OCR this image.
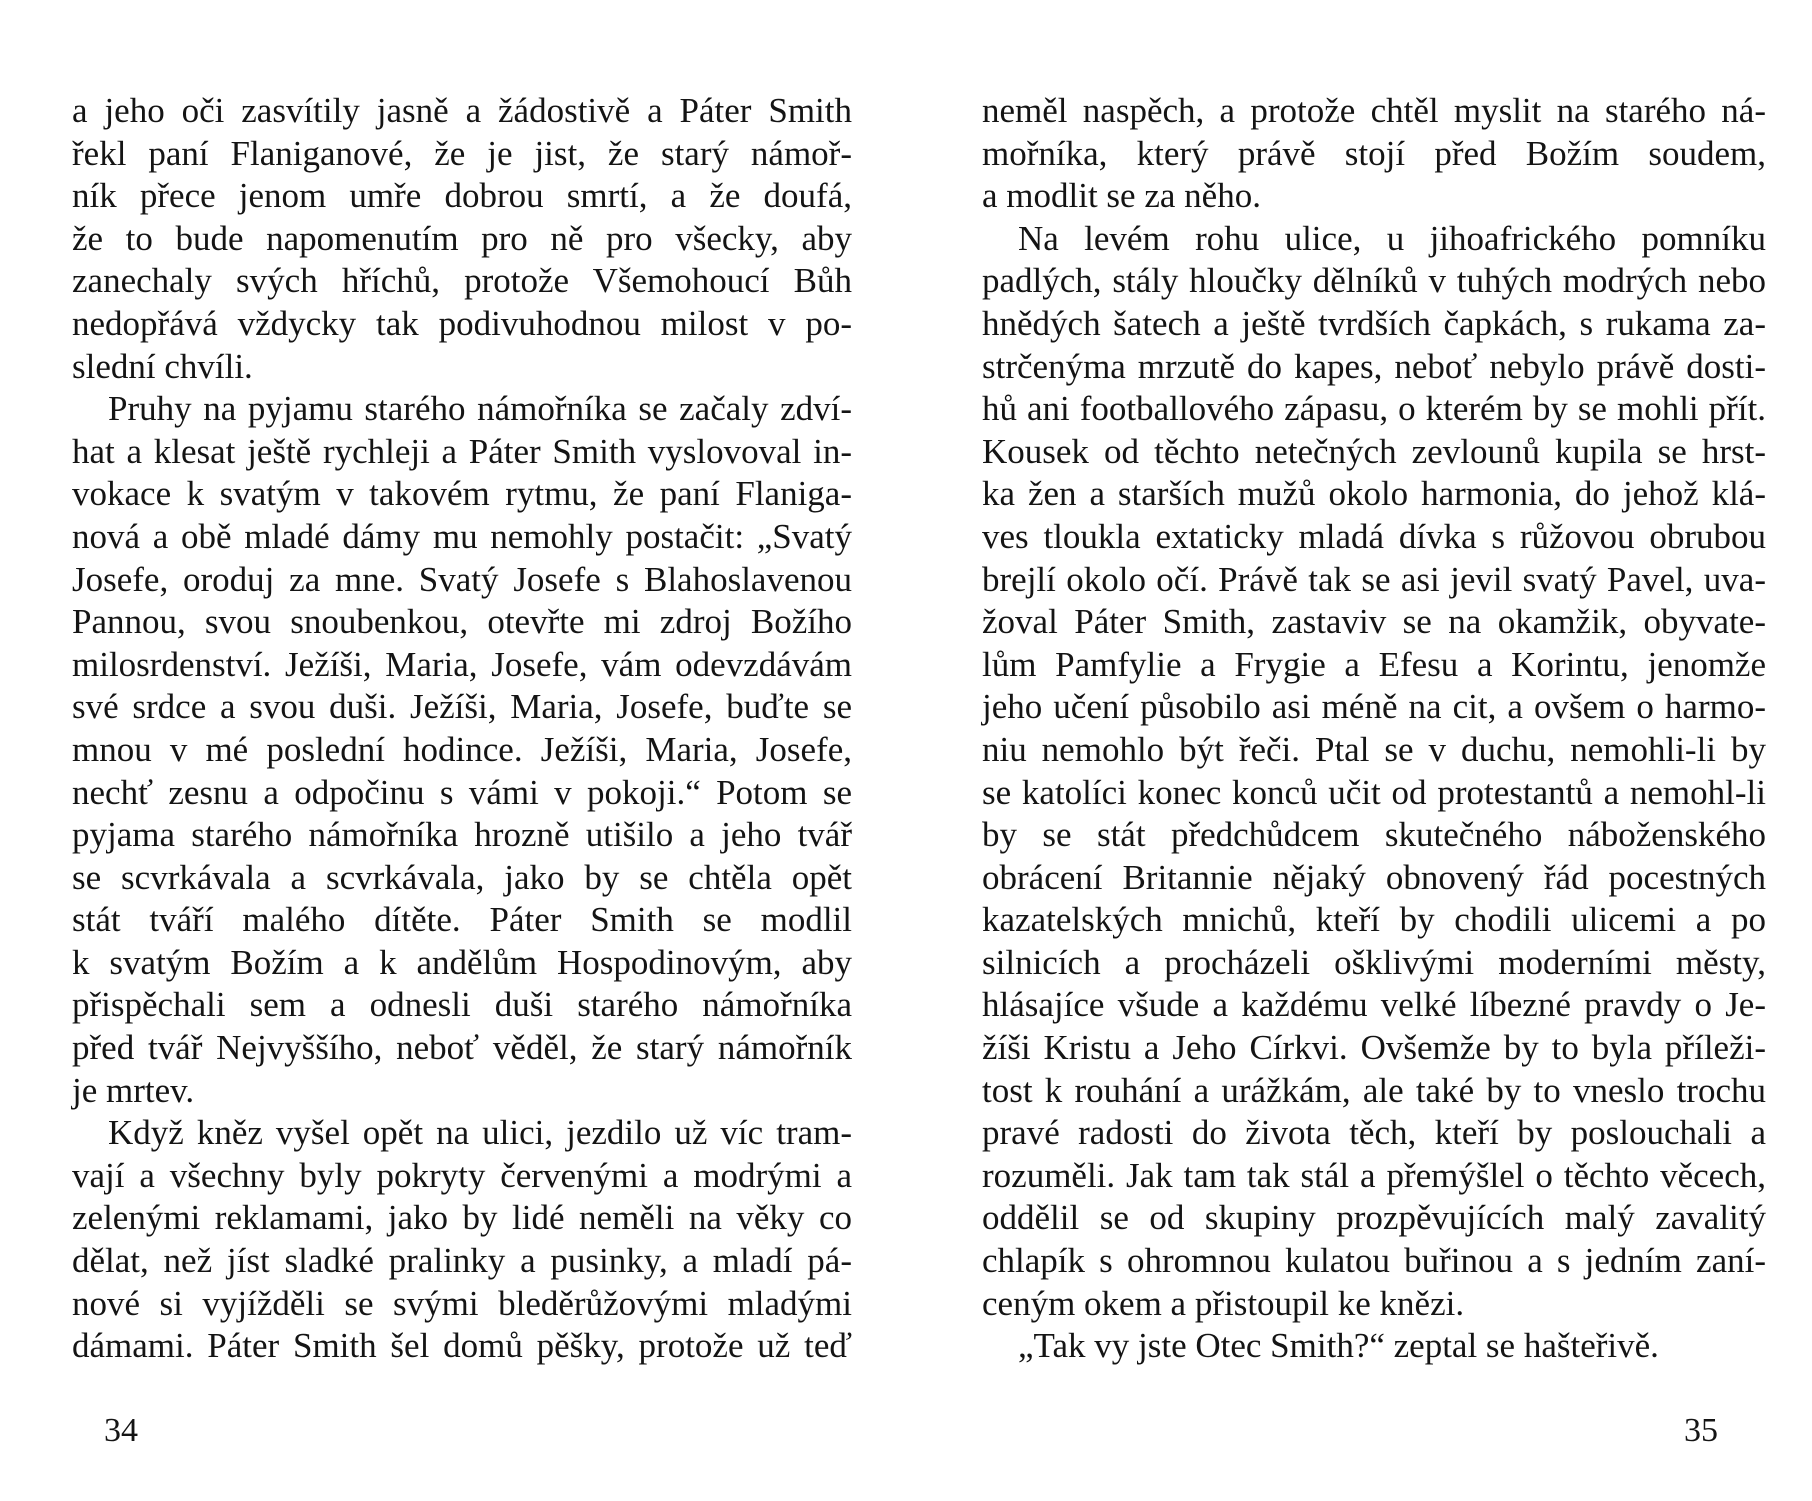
a jeho oči zasvítily jasně a žádostivě a Páter Smith
řekl paní Flaniganové, že je jist, že starý námoř-
ník přece jenom umře dobrou smrtí, a že doufá,
že to bude napomenutím pro ně pro všecky, aby
zanechaly svých hříchů, protože Všemohoucí Bůh
nedopřává vždycky tak podivuhodnou milost v po-
slední chvíli.
Pruhy na pyjamu starého námořníka se začaly zdví-
hat a klesat ještě rychleji a Páter Smith vyslovoval in-
vokace k svatým v takovém rytmu, že paní Flaniga-
nová a obě mladé dámy mu nemohly postačit: „Svatý
Josefe, oroduj za mne. Svatý Josefe s Blahoslavenou
Pannou, svou snoubenkou, otevřte mi zdroj Božího
milosrdenství. Ježíši, Maria, Josefe, vám odevzdávám
své srdce a svou duši. Ježíši, Maria, Josefe, buďte se
mnou v mé poslední hodince. Ježíši, Maria, Josefe,
nechť zesnu a odpočinu s vámi v pokoji.“ Potom se
pyjama starého námořníka hrozně utišilo a jeho tvář
se scvrkávala a scvrkávala, jako by se chtěla opět
stát tváří malého dítěte. Páter Smith se modlil
k svatým Božím a k andělům Hospodinovým, aby
přispěchali sem a odnesli duši starého námořníka
před tvář Nejvyššího, neboť věděl, že starý námořník
je mrtev.
Když kněz vyšel opět na ulici, jezdilo už víc tram-
vají a všechny byly pokryty červenými a modrými a
zelenými reklamami, jako by lidé neměli na věky co
dělat, než jíst sladké pralinky a pusinky, a mladí pá-
nové si vyjížděli se svými bleděrůžovými mladými
dámami. Páter Smith šel domů pěšky, protože už teď
34
neměl naspěch, a protože chtěl myslit na starého ná-
mořníka, který právě stojí před Božím soudem,
a modlit se za něho.
Na levém rohu ulice, u jihoafrického pomníku
padlých, stály hloučky dělníků v tuhých modrých nebo
hnědých šatech a ještě tvrdších čapkách, s rukama za-
strčenýma mrzutě do kapes, neboť nebylo právě dosti-
hů ani footballového zápasu, o kterém by se mohli přít.
Kousek od těchto netečných zevlounů kupila se hrst-
ka žen a starších mužů okolo harmonia, do jehož klá-
ves tloukla extaticky mladá dívka s růžovou obrubou
brejlí okolo očí. Právě tak se asi jevil svatý Pavel, uva-
žoval Páter Smith, zastaviv se na okamžik, obyvate-
lům Pamfylie a Frygie a Efesu a Korintu, jenomže
jeho učení působilo asi méně na cit, a ovšem o harmo-
niu nemohlo být řeči. Ptal se v duchu, nemohli-li by
se katolíci konec konců učit od protestantů a nemohl-li
by se stát předchůdcem skutečného náboženského
obrácení Britannie nějaký obnovený řád pocestných
kazatelských mnichů, kteří by chodili ulicemi a po
silnicích a procházeli ošklivými moderními městy,
hlásajíce všude a každému velké líbezné pravdy o Je-
žíši Kristu a Jeho Církvi. Ovšemže by to byla příleži-
tost k rouhání a urážkám, ale také by to vneslo trochu
pravé radosti do života těch, kteří by poslouchali a
rozuměli. Jak tam tak stál a přemýšlel o těchto věcech,
oddělil se od skupiny prozpěvujících malý zavalitý
chlapík s ohromnou kulatou buřinou a s jedním zaní-
ceným okem a přistoupil ke knězi.
„Tak vy jste Otec Smith?“ zeptal se hašteřivě.
35
